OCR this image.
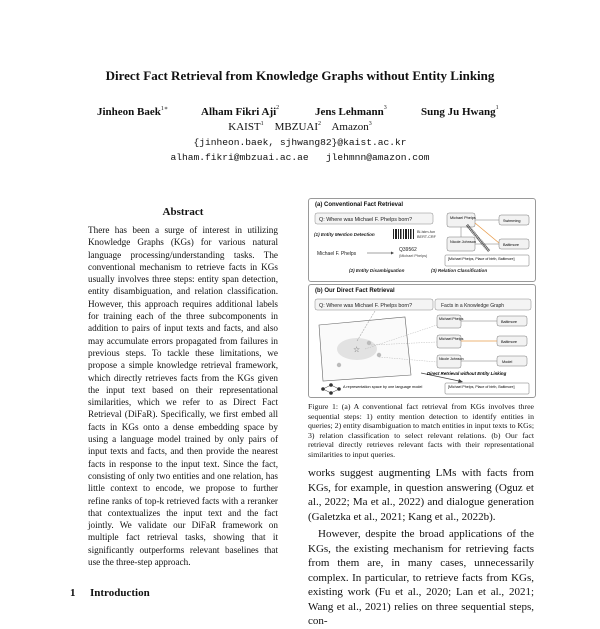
Direct Fact Retrieval from Knowledge Graphs without Entity Linking
Jinheon Baek$^{1∗}$	Alham Fikri Aji$^2$	Jens Lehmann$^3$	Sung Ju Hwang$^1$
KAIST$^1$ MBZUAI$^2$ Amazon$^3$
{jinheon.baek, sjhwang82}@kaist.ac.kr
alham.fikri@mbzuai.ac.ae   jlehmnn@amazon.com
Abstract
There has been a surge of interest in utilizing Knowledge Graphs (KGs) for various natural language processing/understanding tasks. The conventional mechanism to retrieve facts in KGs usually involves three steps: entity span detection, entity disambiguation, and relation classification. However, this approach requires additional labels for training each of the three subcomponents in addition to pairs of input texts and facts, and also may accumulate errors propagated from failures in previous steps. To tackle these limitations, we propose a simple knowledge retrieval framework, which directly retrieves facts from the KGs given the input text based on their representational similarities, which we refer to as Direct Fact Retrieval (DiFaR). Specifically, we first embed all facts in KGs onto a dense embedding space by using a language model trained by only pairs of input texts and facts, and then provide the nearest facts in response to the input text. Since the fact, consisting of only two entities and one relation, has little context to encode, we propose to further refine ranks of top-k retrieved facts with a reranker that contextualizes the input text and the fact jointly. We validate our DiFaR framework on multiple fact retrieval tasks, showing that it significantly outperforms relevant baselines that use the three-step approach.
1 Introduction
(a) Conventional Fact Retrieval
Q: Where was Michael F. Phelps born?
(1) Entity Mention Detection	Bi-lstm-fun
BERT-CRF
Michael F. Phelps
Q39562
(Michael Phelps)
(2) Entity Disambiguation	(3) Relation Classification
Michael Phelps
Swimming
Nicole Johnson
Baltimore
[Michael Phelps, Place of birth, Baltimore]
(b) Our Direct Fact Retrieval
Q: Where was Michael F. Phelps born?	Facts in a Knowledge Graph
☆
Michael Phelps
Baltimore
Michael Phelps
Baltimore
Nicole Johnson
Model
Direct Retrieval without Entity Linking
A representation space by one language model	[Michael Phelps, Place of birth, Baltimore]
Figure 1: (a) A conventional fact retrieval from KGs involves three sequential steps: 1) entity mention detection to identify entities in queries; 2) entity disambiguation to match entities in input texts to KGs; 3) relation classification to select relevant relations. (b) Our fact retrieval directly retrieves relevant facts with their representational similarities to input queries.

works suggest augmenting LMs with facts from KGs, for example, in question answering (Oguz et al., 2022; Ma et al., 2022) and dialogue generation (Galetzka et al., 2021; Kang et al., 2022b).

However, despite the broad applications of the KGs, the existing mechanism for retrieving facts from them are, in many cases, unnecessarily complex. In particular, to retrieve facts from KGs, existing work (Fu et al., 2020; Lan et al., 2021; Wang et al., 2021) relies on three sequential steps, con-
